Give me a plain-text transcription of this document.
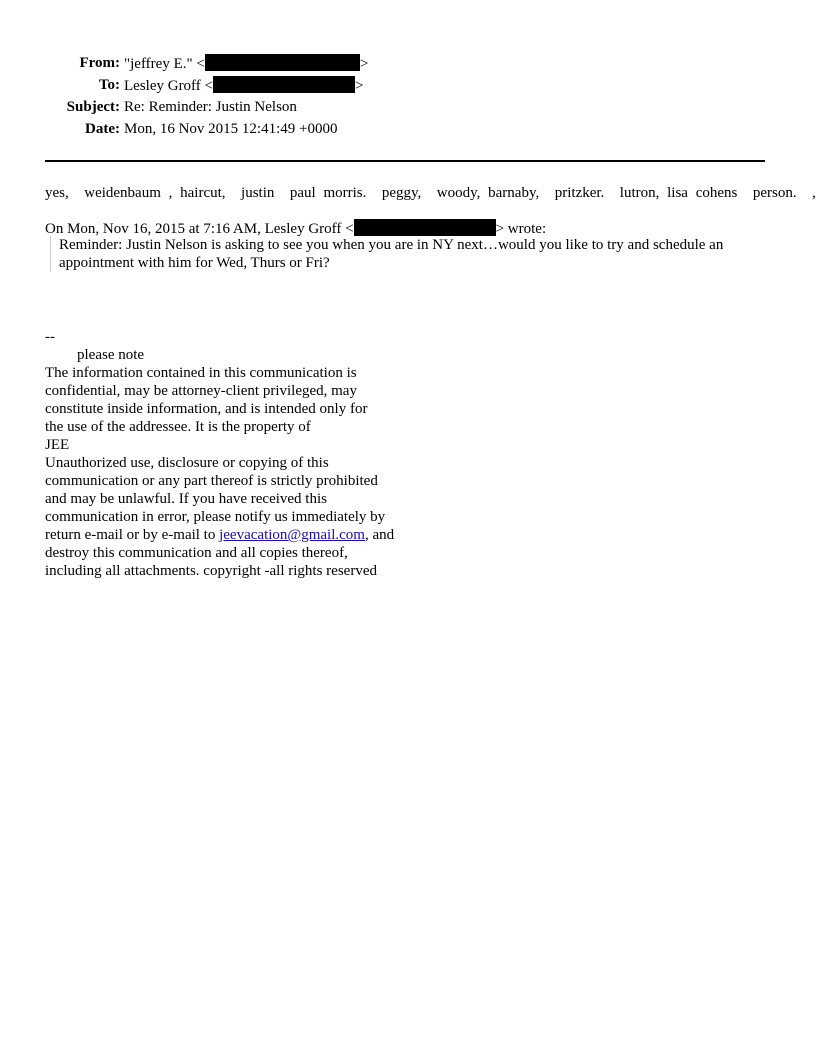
From: "jeffrey E." <	>
To: Lesley Groff <	>
Subject: Re: Reminder: Justin Nelson
Date: Mon, 16 Nov 2015 12:41:49 +0000
yes,  weidenbaum , haircut,  justin  paul morris.  peggy,  woody, barnaby,  pritzker.  lutron, lisa cohens  person.  ,
On Mon, Nov 16, 2015 at 7:16 AM, Lesley Groff <	> wrote:
Reminder: Justin Nelson is asking to see you when you are in NY next…would you like to try and schedule an
appointment with him for Wed, Thurs or Fri?
--
please note
The information contained in this communication is
confidential, may be attorney-client privileged, may
constitute inside information, and is intended only for
the use of the addressee. It is the property of
JEE
Unauthorized use, disclosure or copying of this
communication or any part thereof is strictly prohibited
and may be unlawful. If you have received this
communication in error, please notify us immediately by
return e-mail or by e-mail to jeevacation@gmail.com, and
destroy this communication and all copies thereof,
including all attachments. copyright -all rights reserved
